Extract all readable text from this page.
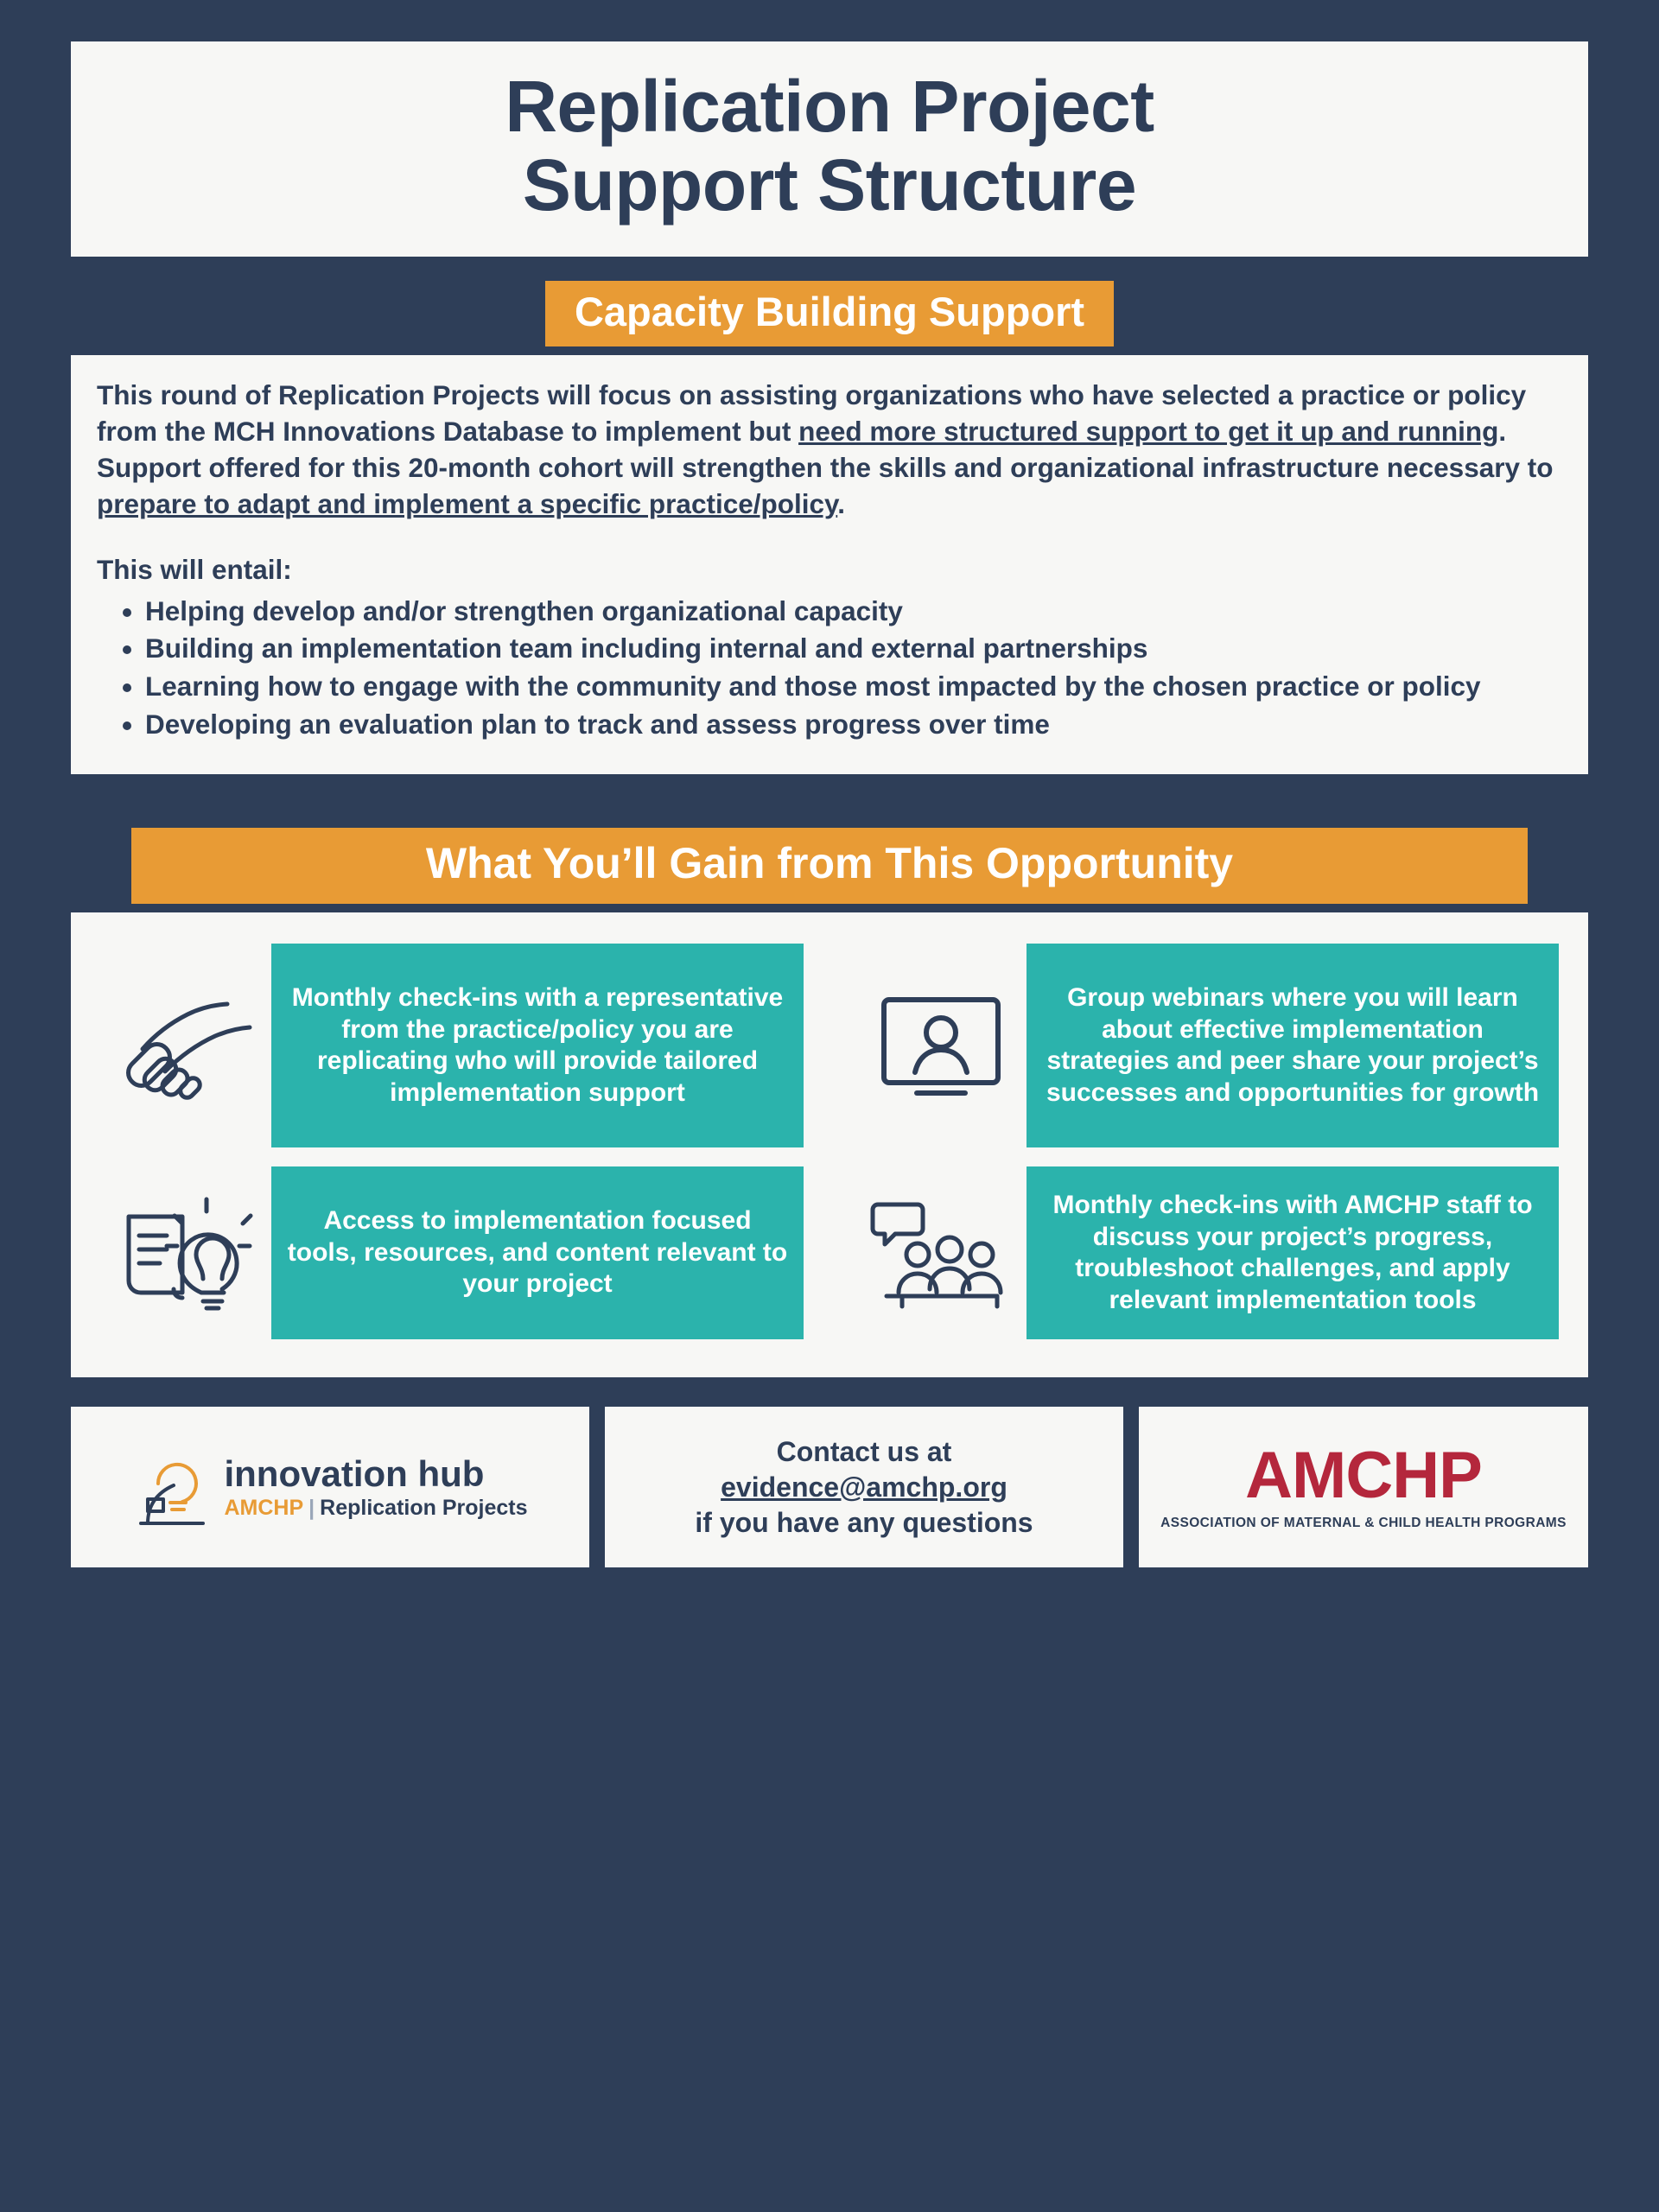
Replication Project
Support Structure
Capacity Building Support

This round of Replication Projects will focus on assisting organizations who have selected a practice or policy from the MCH Innovations Database to implement but need more structured support to get it up and running. Support offered for this 20-month cohort will strengthen the skills and organizational infrastructure necessary to prepare to adapt and implement a specific practice/policy.

This will entail:

• Helping develop and/or strengthen organizational capacity
• Building an implementation team including internal and external partnerships
• Learning how to engage with the community and those most impacted by the chosen practice or policy
• Developing an evaluation plan to track and assess progress over time
What You’ll Gain from This Opportunity
Monthly check-ins with a representative from the practice/policy you are replicating who will provide tailored implementation support
Group webinars where you will learn about effective implementation strategies and peer share your project’s successes and opportunities for growth
Access to implementation focused tools, resources, and content relevant to your project
Monthly check-ins with AMCHP staff to discuss your project’s progress, troubleshoot challenges, and apply relevant implementation tools
innovation hub
AMCHP | Replication Projects
Contact us at
evidence@amchp.org
if you have any questions
AMCHP
ASSOCIATION OF MATERNAL & CHILD HEALTH PROGRAMS
